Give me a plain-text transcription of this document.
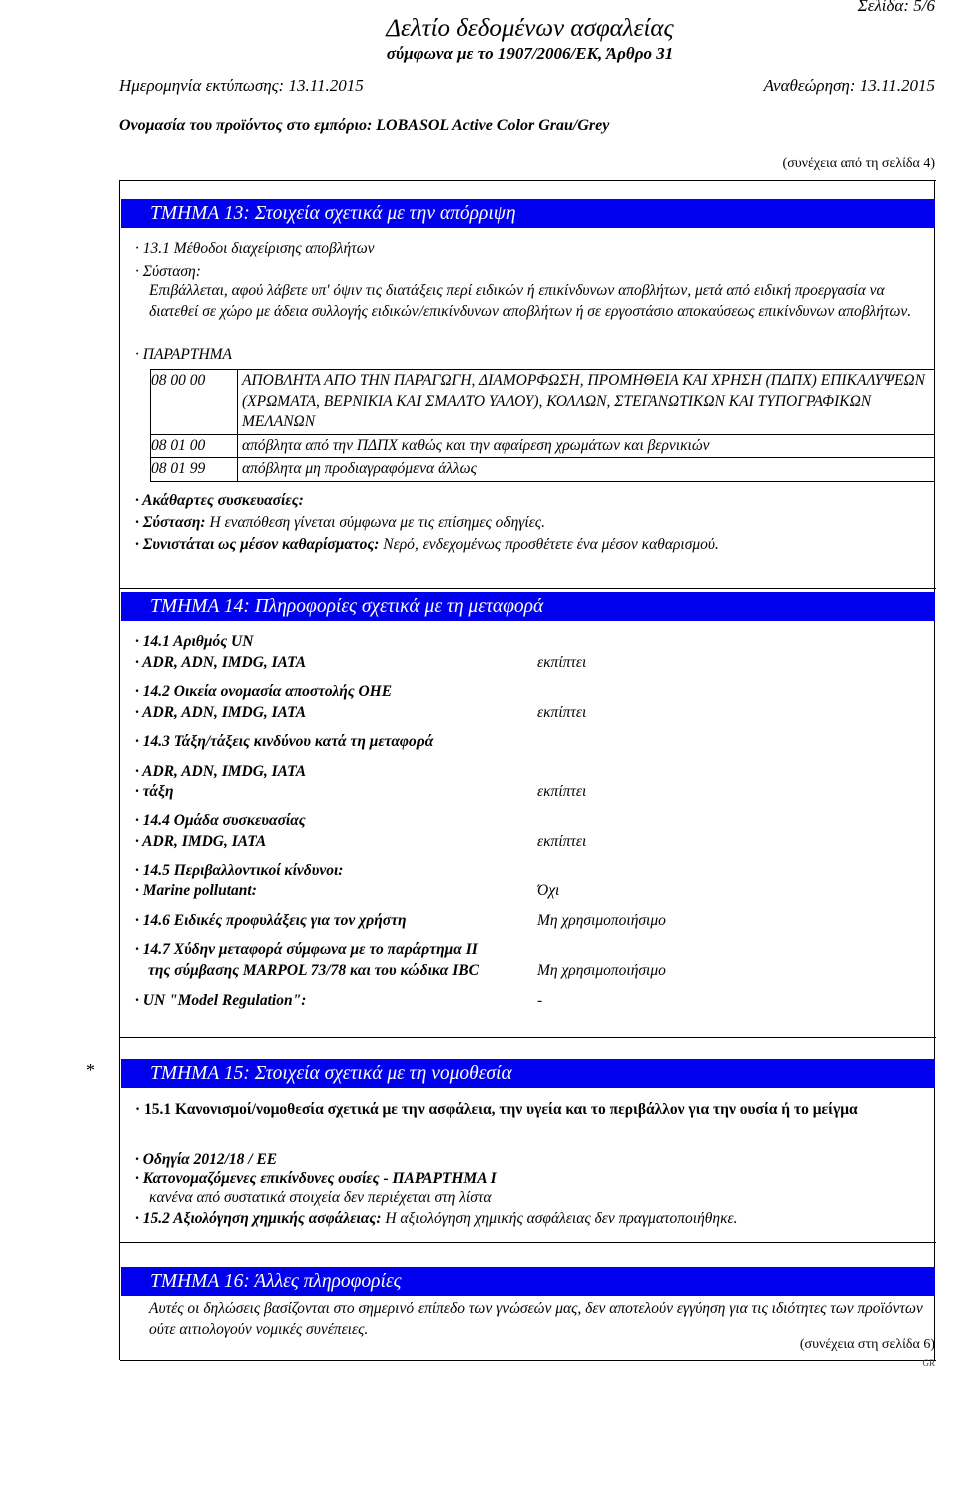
Σελίδα: 5/6
Δελτίο δεδομένων ασφαλείας
σύμφωνα με το 1907/2006/ΕΚ, Άρθρο 31
Ημερομηνία εκτύπωσης: 13.11.2015	Αναθεώρηση: 13.11.2015
Ονομασία του προϊόντος στο εμπόριο: LOBASOL Active Color Grau/Grey
(συνέχεια από τη σελίδα 4)
ΤΜΗΜΑ 13: Στοιχεία σχετικά με την απόρριψη
· 13.1 Μέθοδοι διαχείρισης αποβλήτων
· Σύσταση:
Επιβάλλεται, αφού λάβετε υπ' όψιν τις διατάξεις περί ειδικών ή επικίνδυνων αποβλήτων, μετά από ειδική προεργασία να διατεθεί σε χώρο με άδεια συλλογής ειδικών/επικίνδυνων αποβλήτων ή σε εργοστάσιο αποκαύσεως επικίνδυνων αποβλήτων.
· ΠΑΡΑΡΤΗΜΑ
08 00 00	ΑΠΟΒΛΗΤΑ ΑΠΟ ΤΗΝ ΠΑΡΑΓΩΓΗ, ΔΙΑΜΟΡΦΩΣΗ, ΠΡΟΜΗΘΕΙΑ ΚΑΙ ΧΡΗΣΗ (ΠΔΠΧ) ΕΠΙΚΑΛΥΨΕΩΝ (ΧΡΩΜΑΤΑ, ΒΕΡΝΙΚΙΑ ΚΑΙ ΣΜΑΛΤΟ ΥΑΛΟΥ), ΚΟΛΛΩΝ, ΣΤΕΓΑΝΩΤΙΚΩΝ ΚΑΙ ΤΥΠΟΓΡΑΦΙΚΩΝ ΜΕΛΑΝΩΝ
08 01 00	απόβλητα από την ΠΔΠΧ καθώς και την αφαίρεση χρωμάτων και βερνικιών
08 01 99	απόβλητα μη προδιαγραφόμενα άλλως
· Ακάθαρτες συσκευασίες:
· Σύσταση: Η εναπόθεση γίνεται σύμφωνα με τις επίσημες οδηγίες.
· Συνιστάται ως μέσον καθαρίσματος: Νερό, ενδεχομένως προσθέτετε ένα μέσον καθαρισμού.
ΤΜΗΜΑ 14: Πληροφορίες σχετικά με τη μεταφορά
· 14.1 Αριθμός UN
· ADR, ADN, IMDG, IATA	εκπίπτει
· 14.2 Οικεία ονομασία αποστολής ΟΗΕ
· ADR, ADN, IMDG, IATA	εκπίπτει
· 14.3 Τάξη/τάξεις κινδύνου κατά τη μεταφορά
· ADR, ADN, IMDG, IATA
· τάξη	εκπίπτει
· 14.4 Ομάδα συσκευασίας
· ADR, IMDG, IATA	εκπίπτει
· 14.5 Περιβαλλοντικοί κίνδυνοι:
· Marine pollutant:	Όχι
· 14.6 Ειδικές προφυλάξεις για τον χρήστη	Μη χρησιμοποιήσιμο
· 14.7 Χύδην μεταφορά σύμφωνα με το παράρτημα II
της σύμβασης MARPOL 73/78 και του κώδικα IBC	Μη χρησιμοποιήσιμο
· UN "Model Regulation":	-
*	ΤΜΗΜΑ 15: Στοιχεία σχετικά με τη νομοθεσία
· 15.1 Κανονισμοί/νομοθεσία σχετικά με την ασφάλεια, την υγεία και το περιβάλλον για την ουσία ή το μείγμα
· Οδηγία 2012/18 / ΕΕ
· Κατονομαζόμενες επικίνδυνες ουσίες - ΠΑΡΑΡΤΗΜΑ Ι
κανένα από συστατικά στοιχεία δεν περιέχεται στη λίστα
· 15.2 Αξιολόγηση χημικής ασφάλειας: Η αξιολόγηση χημικής ασφάλειας δεν πραγματοποιήθηκε.
ΤΜΗΜΑ 16: Άλλες πληροφορίες
Αυτές οι δηλώσεις βασίζονται στο σημερινό επίπεδο των γνώσεών μας, δεν αποτελούν εγγύηση για τις ιδιότητες των προϊόντων ούτε αιτιολογούν νομικές συνέπειες.
(συνέχεια στη σελίδα 6)
GR
